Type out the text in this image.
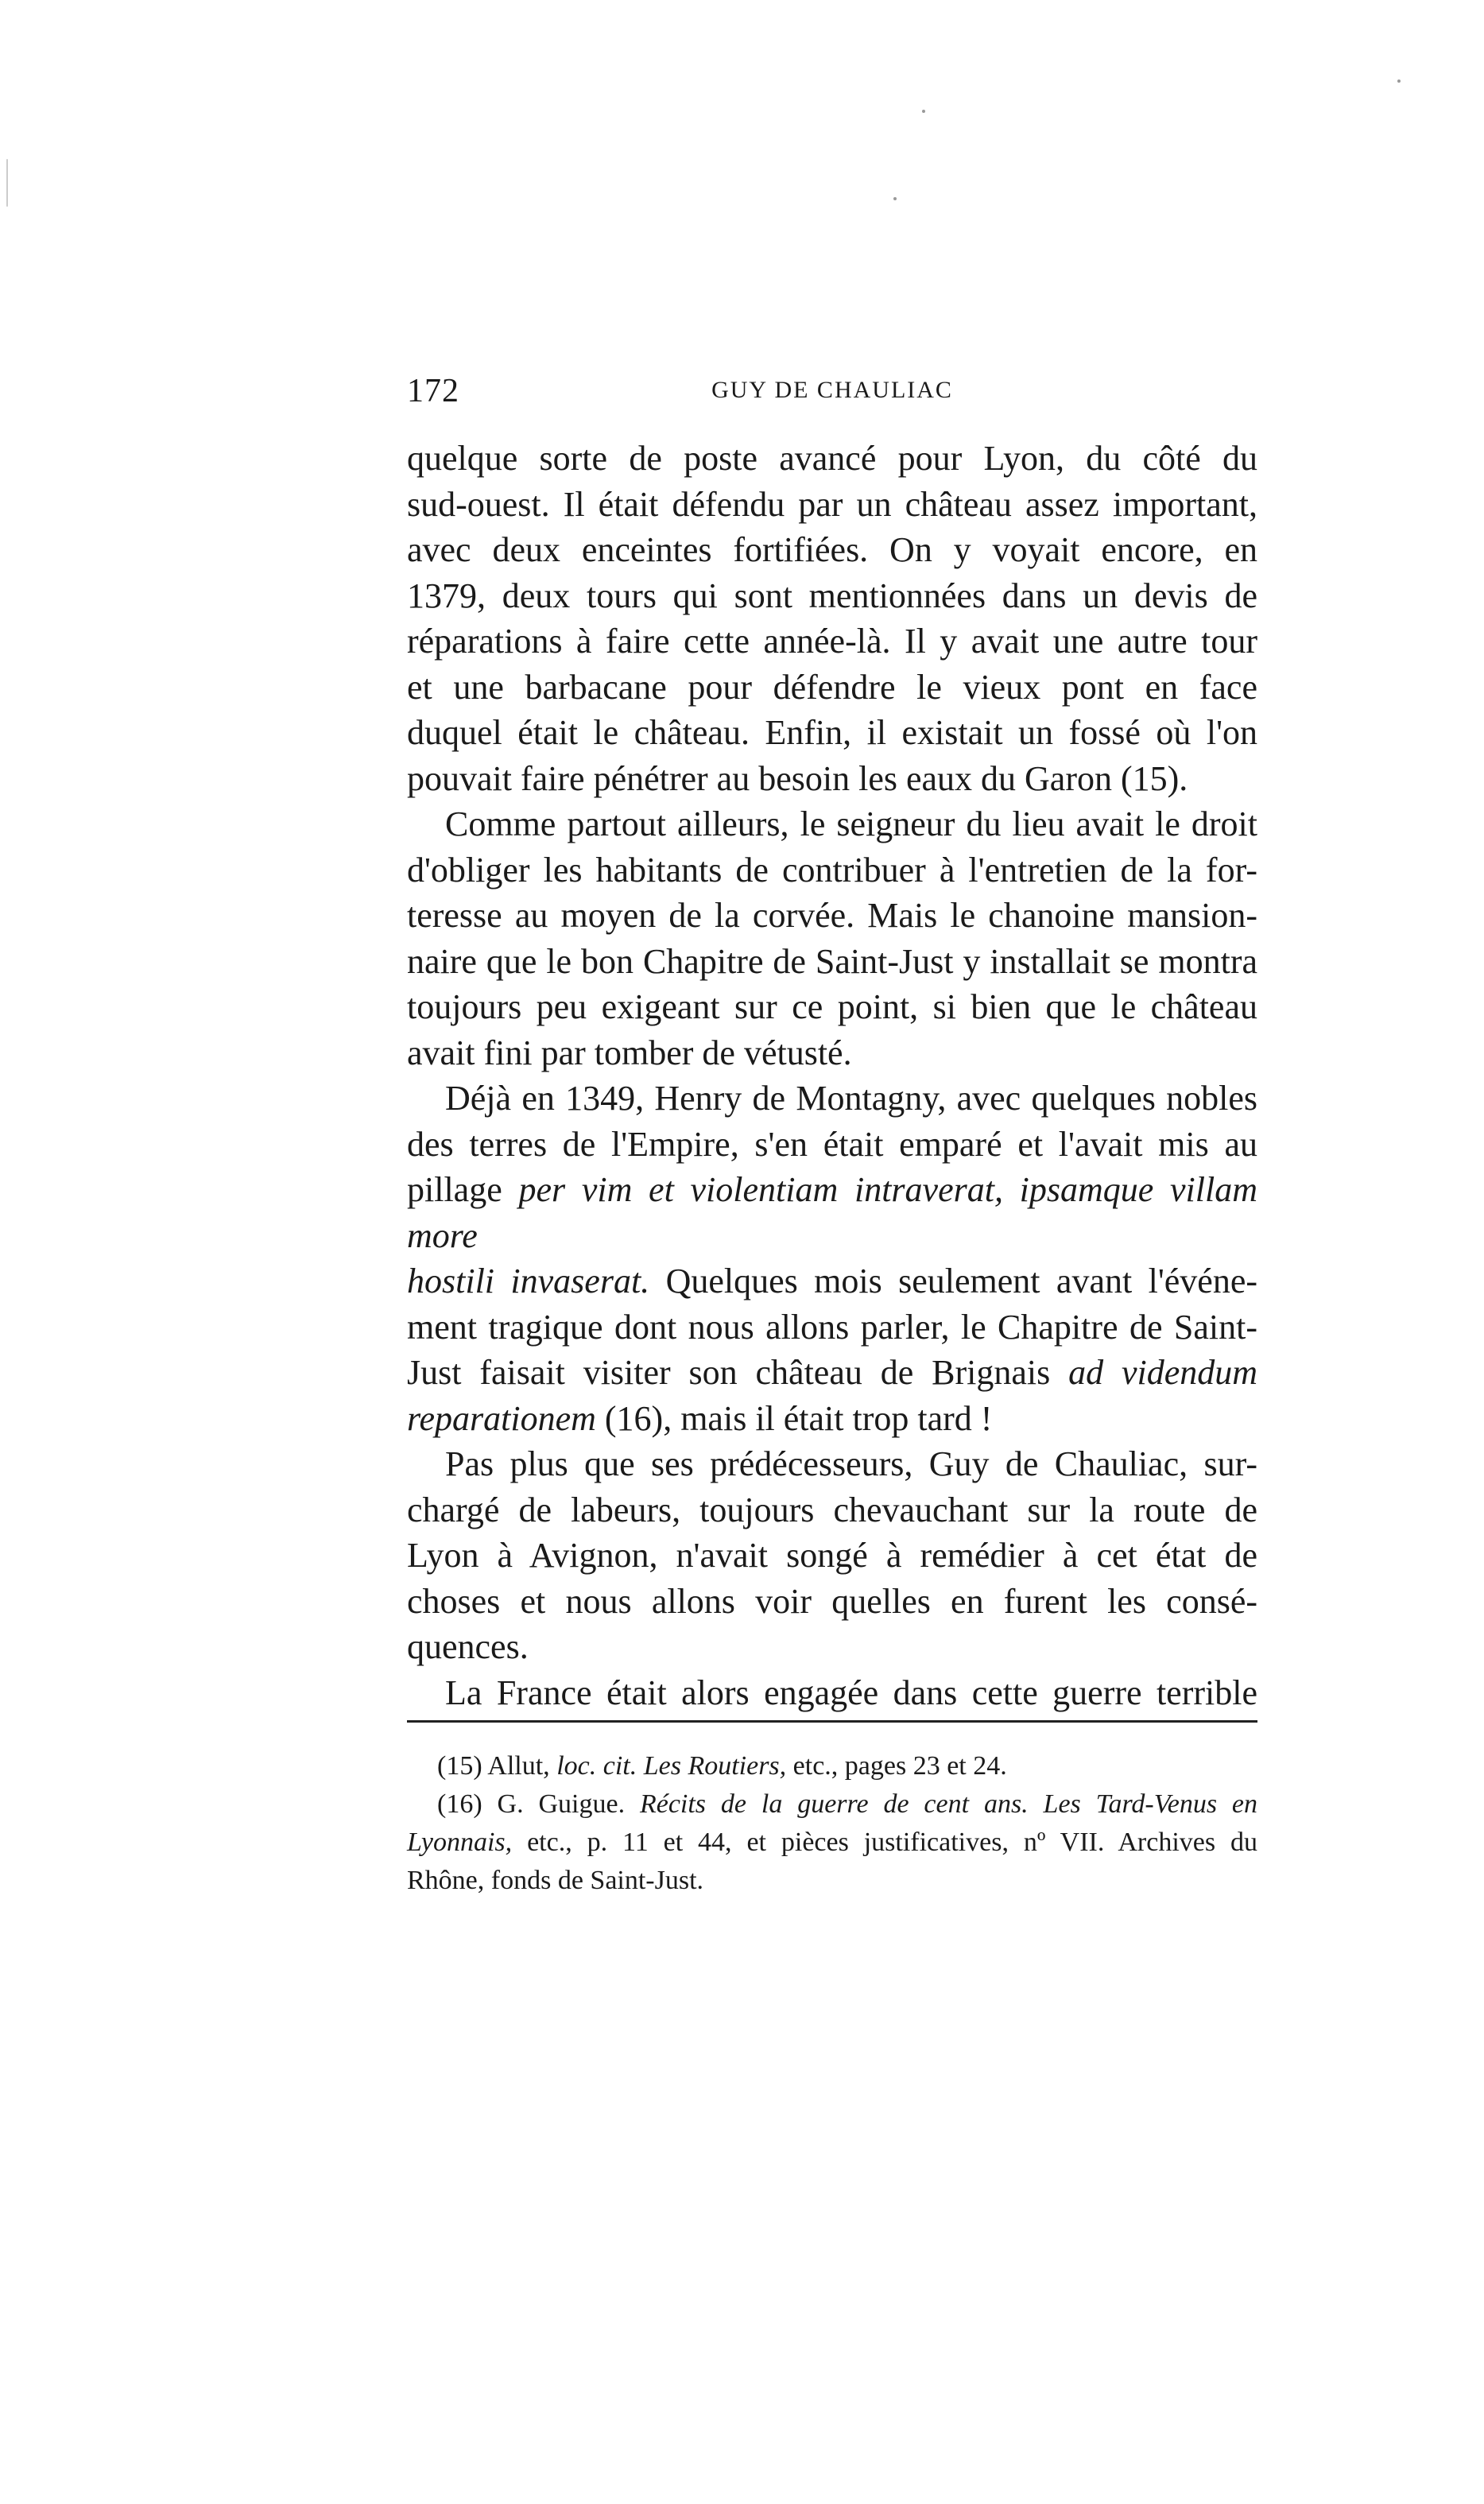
172	GUY DE CHAULIAC

quelque sorte de poste avancé pour Lyon, du côté du
sud-ouest. Il était défendu par un château assez important,
avec deux enceintes fortifiées. On y voyait encore, en
1379, deux tours qui sont mentionnées dans un devis de
réparations à faire cette année-là. Il y avait une autre tour
et une barbacane pour défendre le vieux pont en face
duquel était le château. Enfin, il existait un fossé où l'on
pouvait faire pénétrer au besoin les eaux du Garon (15).

Comme partout ailleurs, le seigneur du lieu avait le droit
d'obliger les habitants de contribuer à l'entretien de la for-
teresse au moyen de la corvée. Mais le chanoine mansion-
naire que le bon Chapitre de Saint-Just y installait se montra
toujours peu exigeant sur ce point, si bien que le château
avait fini par tomber de vétusté.

Déjà en 1349, Henry de Montagny, avec quelques nobles
des terres de l'Empire, s'en était emparé et l'avait mis au
pillage per vim et violentiam intraverat, ipsamque villam more
hostili invaserat. Quelques mois seulement avant l'événe-
ment tragique dont nous allons parler, le Chapitre de Saint-
Just faisait visiter son château de Brignais ad videndum
reparationem (16), mais il était trop tard !

Pas plus que ses prédécesseurs, Guy de Chauliac, sur-
chargé de labeurs, toujours chevauchant sur la route de
Lyon à Avignon, n'avait songé à remédier à cet état de
choses et nous allons voir quelles en furent les consé-
quences.

La France était alors engagée dans cette guerre terrible

(15) Allut, loc. cit. Les Routiers, etc., pages 23 et 24.

(16) G. Guigue. Récits de la guerre de cent ans. Les Tard-Venus en
Lyonnais, etc., p. 11 et 44, et pièces justificatives, nº VII. Archives du
Rhône, fonds de Saint-Just.
